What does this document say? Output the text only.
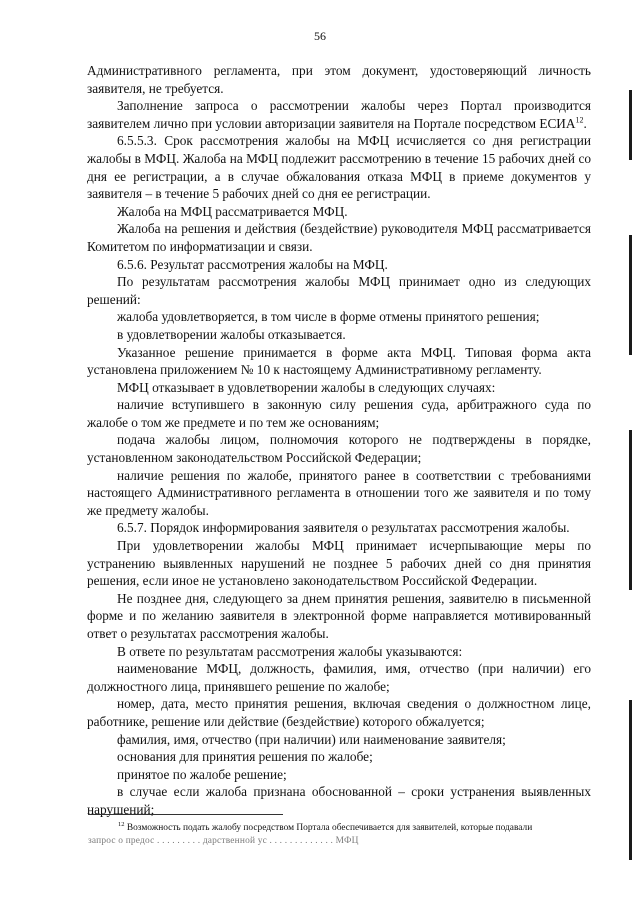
56

Административного регламента, при этом документ, удостоверяющий личность заявителя, не требуется.

Заполнение запроса о рассмотрении жалобы через Портал производится заявителем лично при условии авторизации заявителя на Портале посредством ЕСИА$^{12}$.

6.5.5.3. Срок рассмотрения жалобы на МФЦ исчисляется со дня регистрации жалобы в МФЦ. Жалоба на МФЦ подлежит рассмотрению в течение 15 рабочих дней со дня ее регистрации, а в случае обжалования отказа МФЦ в приеме документов у заявителя – в течение 5 рабочих дней со дня ее регистрации.

Жалоба на МФЦ рассматривается МФЦ.

Жалоба на решения и действия (бездействие) руководителя МФЦ рассматривается Комитетом по информатизации и связи.

6.5.6. Результат рассмотрения жалобы на МФЦ.

По результатам рассмотрения жалобы МФЦ принимает одно из следующих решений:

жалоба удовлетворяется, в том числе в форме отмены принятого решения;

в удовлетворении жалобы отказывается.

Указанное решение принимается в форме акта МФЦ. Типовая форма акта установлена приложением № 10 к настоящему Административному регламенту.

МФЦ отказывает в удовлетворении жалобы в следующих случаях:

наличие вступившего в законную силу решения суда, арбитражного суда по жалобе о том же предмете и по тем же основаниям;

подача жалобы лицом, полномочия которого не подтверждены в порядке, установленном законодательством Российской Федерации;

наличие решения по жалобе, принятого ранее в соответствии с требованиями настоящего Административного регламента в отношении того же заявителя и по тому же предмету жалобы.

6.5.7. Порядок информирования заявителя о результатах рассмотрения жалобы.

При удовлетворении жалобы МФЦ принимает исчерпывающие меры по устранению выявленных нарушений не позднее 5 рабочих дней со дня принятия решения, если иное не установлено законодательством Российской Федерации.

Не позднее дня, следующего за днем принятия решения, заявителю в письменной форме и по желанию заявителя в электронной форме направляется мотивированный ответ о результатах рассмотрения жалобы.

В ответе по результатам рассмотрения жалобы указываются:

наименование МФЦ, должность, фамилия, имя, отчество (при наличии) его должностного лица, принявшего решение по жалобе;

номер, дата, место принятия решения, включая сведения о должностном лице, работнике, решение или действие (бездействие) которого обжалуется;

фамилия, имя, отчество (при наличии) или наименование заявителя;

основания для принятия решения по жалобе;

принятое по жалобе решение;

в случае если жалоба признана обоснованной – сроки устранения выявленных нарушений;

$^{12}$ Возможность подать жалобу посредством Портала обеспечивается для заявителей, которые подавали

запрос о предос . . . . . . . . . дарственной ус . . . . . . . . . . . . . МФЦ
